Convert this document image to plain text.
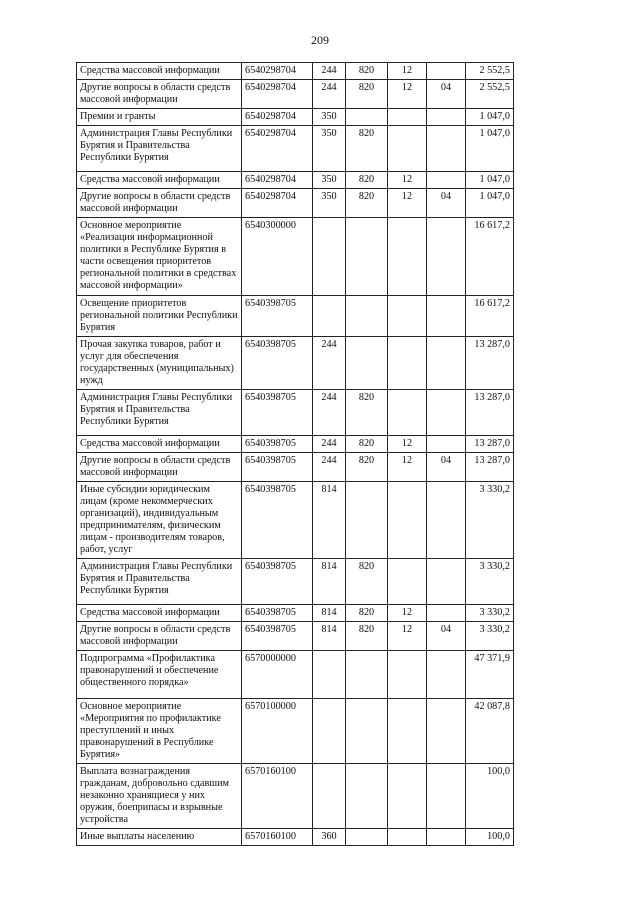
209
Средства массовой информации	6540298704	244	820	12		2 552,5
Другие вопросы в области средств массовой информации	6540298704	244	820	12	04	2 552,5
Премии и гранты	6540298704	350				1 047,0
Администрация Главы Республики Бурятия и Правительства Республики Бурятия	6540298704	350	820			1 047,0
Средства массовой информации	6540298704	350	820	12		1 047,0
Другие вопросы в области средств массовой информации	6540298704	350	820	12	04	1 047,0
Основное мероприятие «Реализация информационной политики в Республике Бурятия в части освещения приоритетов региональной политики в средствах массовой информации»	6540300000					16 617,2
Освещение приоритетов региональной политики Республики Бурятия	6540398705					16 617,2
Прочая закупка товаров, работ и услуг для обеспечения государственных (муниципальных) нужд	6540398705	244				13 287,0
Администрация Главы Республики Бурятия и Правительства Республики Бурятия	6540398705	244	820			13 287,0
Средства массовой информации	6540398705	244	820	12		13 287,0
Другие вопросы в области средств массовой информации	6540398705	244	820	12	04	13 287,0
Иные субсидии юридическим лицам (кроме некоммерческих организаций), индивидуальным предпринимателям, физическим лицам - производителям товаров, работ, услуг	6540398705	814				3 330,2
Администрация Главы Республики Бурятия и Правительства Республики Бурятия	6540398705	814	820			3 330,2
Средства массовой информации	6540398705	814	820	12		3 330,2
Другие вопросы в области средств массовой информации	6540398705	814	820	12	04	3 330,2
Подпрограмма «Профилактика правонарушений и обеспечение общественного порядка»	6570000000					47 371,9
Основное мероприятие «Мероприятия по профилактике преступлений и иных правонарушений в Республике Бурятия»	6570100000					42 087,8
Выплата вознаграждения гражданам, добровольно сдавшим незаконно хранящиеся у них оружия, боеприпасы и взрывные устройства	6570160100					100,0
Иные выплаты населению	6570160100	360				100,0
